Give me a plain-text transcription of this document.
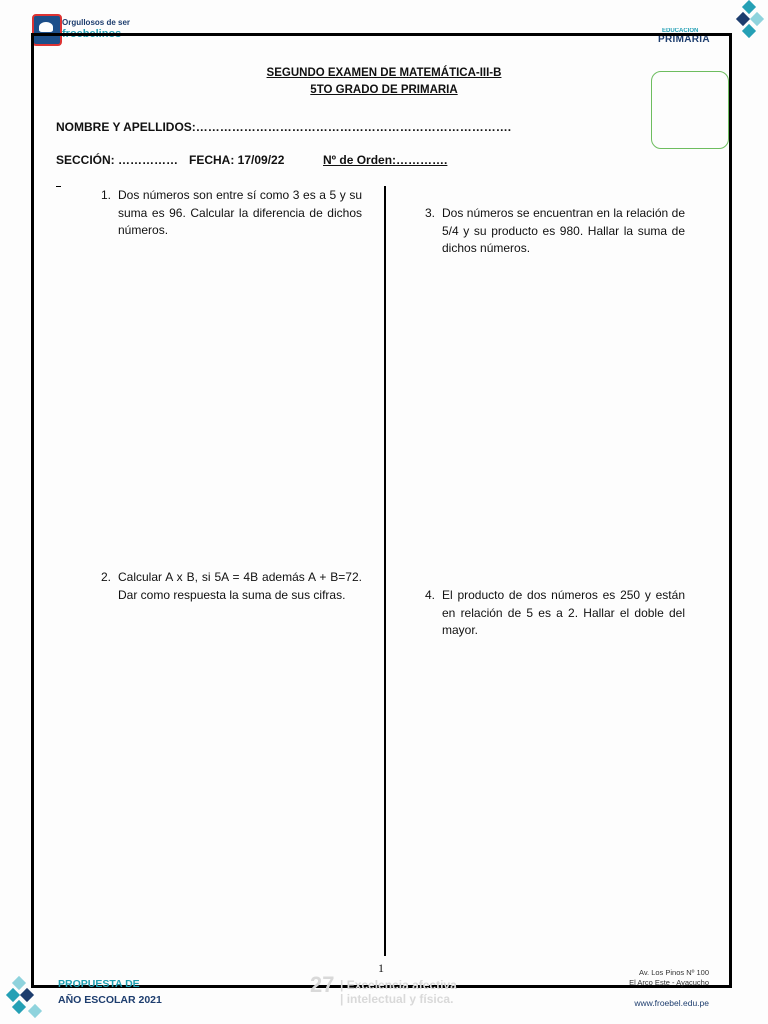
Orgullosos de ser
froebelinos	EDUCACIÓN
PRIMARIA
SEGUNDO EXAMEN DE MATEMÁTICA-III-B
5TO GRADO DE PRIMARIA
NOMBRE Y APELLIDOS:…………………………………………………………………….
SECCIÓN: …………… FECHA: 17/09/22	Nº de Orden:………….
1. Dos números son entre sí como 3 es a 5 y su suma es 96. Calcular la diferencia de dichos números.
2. Calcular A x B, si 5A = 4B además A + B=72. Dar como respuesta la suma de sus cifras.
3. Dos números se encuentran en la relación de 5/4 y su producto es 980. Hallar la suma de dichos números.
4. El producto de dos números es 250 y están en relación de 5 es a 2. Hallar el doble del mayor.
1
PROPUESTA DE
AÑO ESCOLAR 2021
27 | Excelencia afectiva
| intelectual y física.
Av. Los Pinos Nº 100
El Arco Este - Ayacucho
www.froebel.edu.pe
